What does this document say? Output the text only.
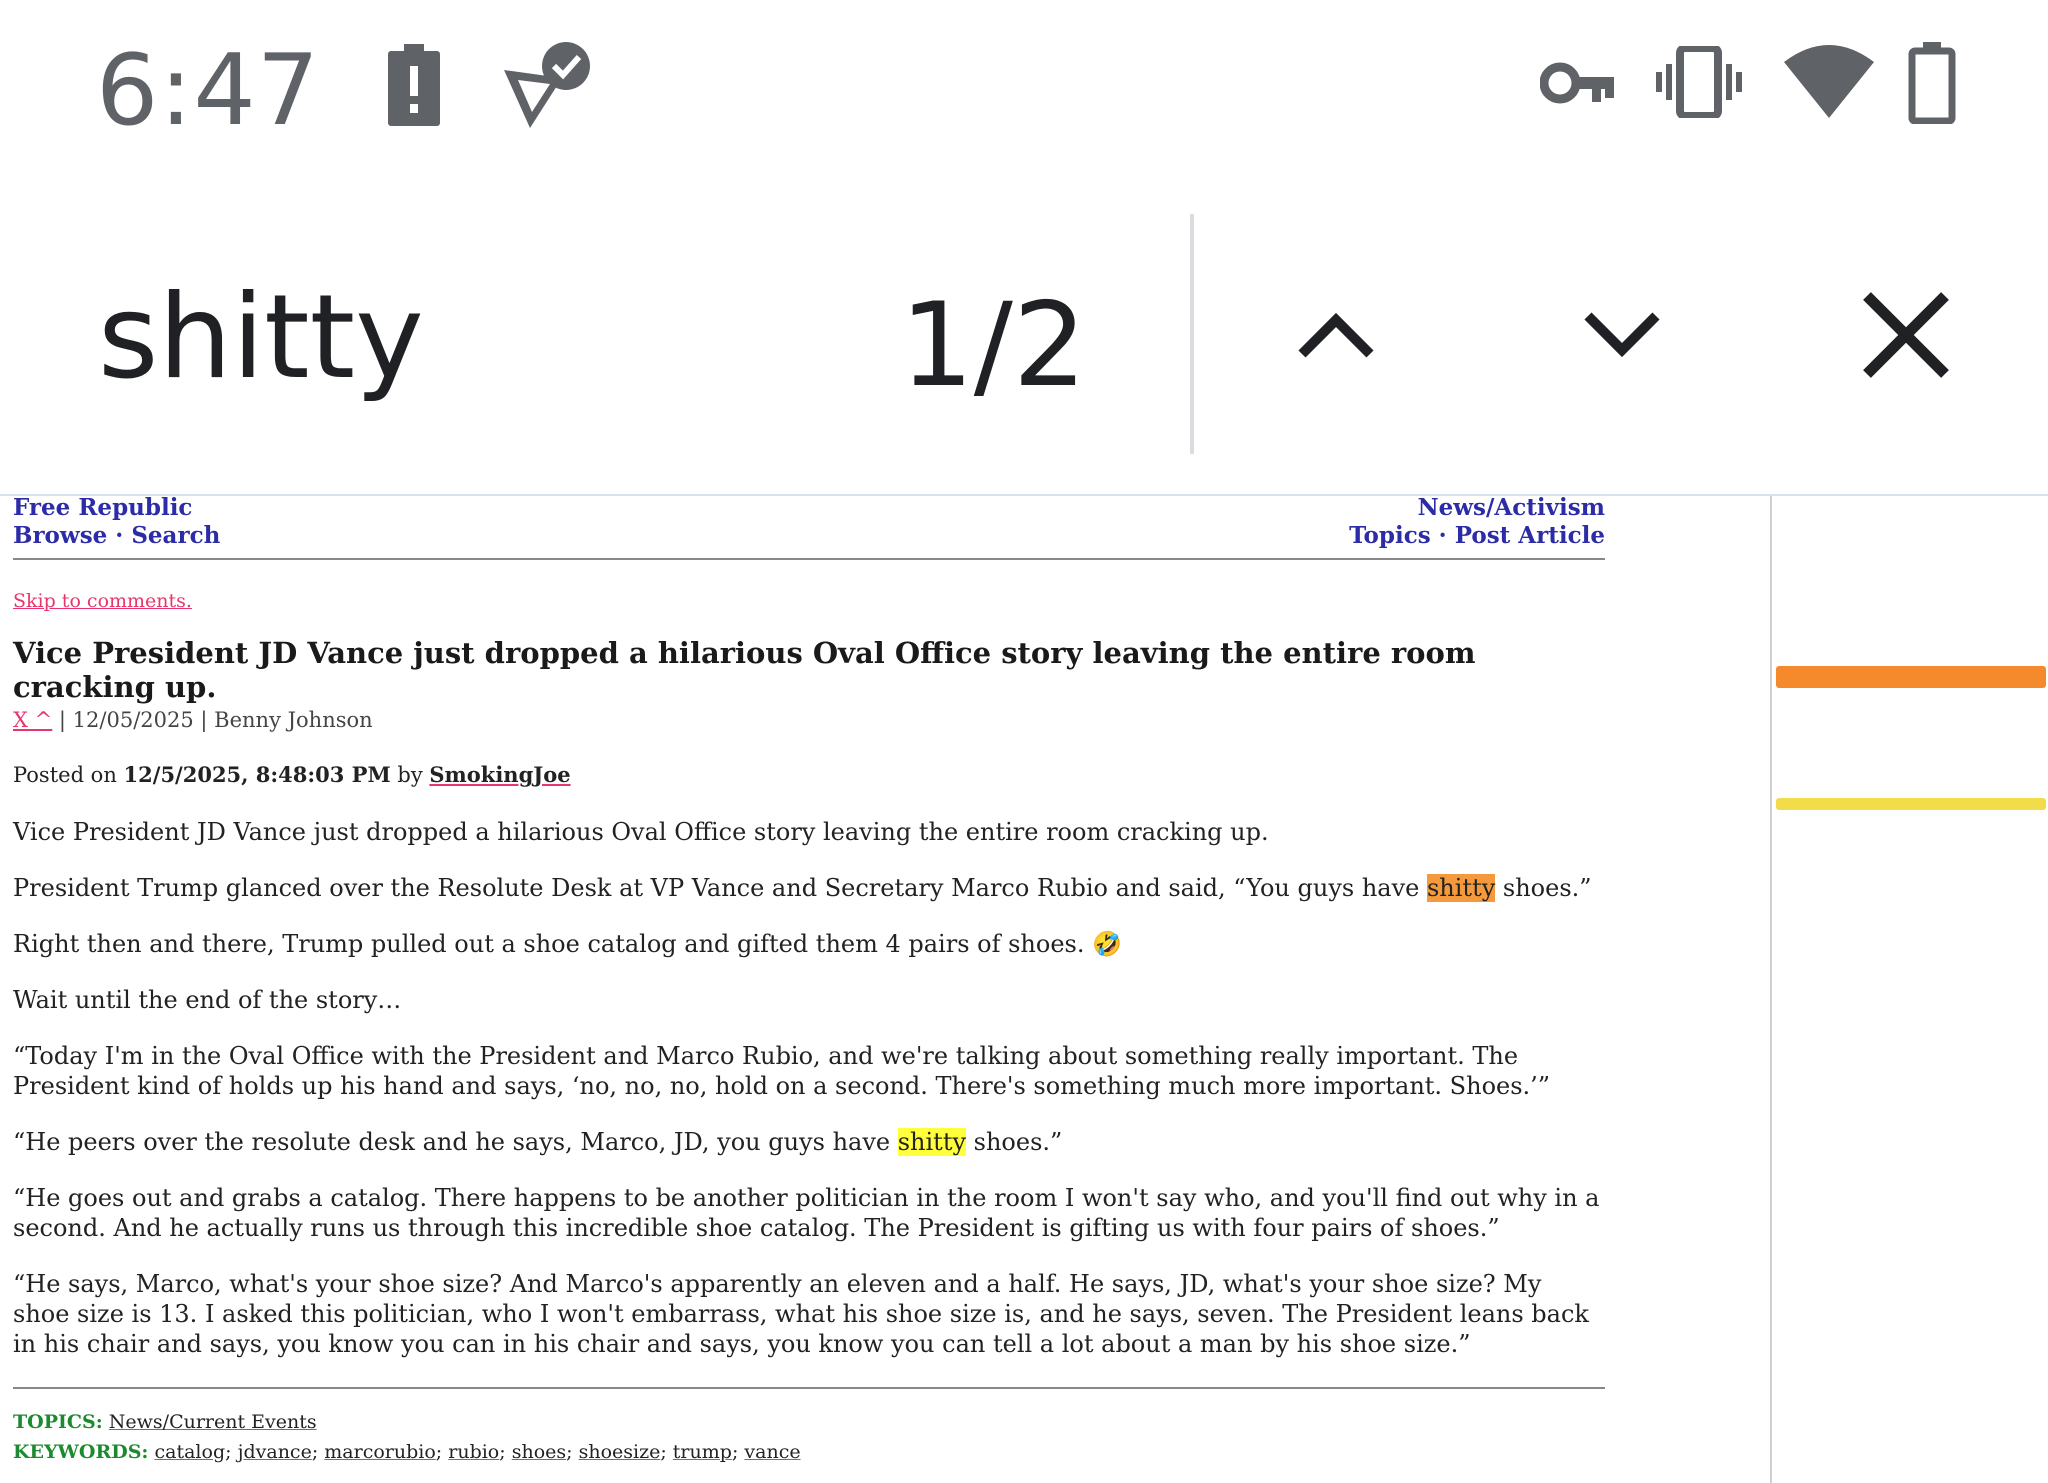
6:47
shitty	1/2
Free Republic
Browse · Search
News/Activism
Topics · Post Article
Skip to comments.
Vice President JD Vance just dropped a hilarious Oval Office story leaving the entire room cracking up.
X ^ | 12/05/2025 | Benny Johnson
Posted on 12/5/2025, 8:48:03 PM by SmokingJoe

Vice President JD Vance just dropped a hilarious Oval Office story leaving the entire room cracking up.

President Trump glanced over the Resolute Desk at VP Vance and Secretary Marco Rubio and said, “You guys have shitty shoes.”

Right then and there, Trump pulled out a shoe catalog and gifted them 4 pairs of shoes. 🤣

Wait until the end of the story…

“Today I'm in the Oval Office with the President and Marco Rubio, and we're talking about something really important. The President kind of holds up his hand and says, ‘no, no, no, hold on a second. There's something much more important. Shoes.’”

“He peers over the resolute desk and he says, Marco, JD, you guys have shitty shoes.”

“He goes out and grabs a catalog. There happens to be another politician in the room I won't say who, and you'll find out why in a second. And he actually runs us through this incredible shoe catalog. The President is gifting us with four pairs of shoes.”

“He says, Marco, what's your shoe size? And Marco's apparently an eleven and a half. He says, JD, what's your shoe size? My shoe size is 13. I asked this politician, who I won't embarrass, what his shoe size is, and he says, seven. The President leans back in his chair and says, you know you can in his chair and says, you know you can tell a lot about a man by his shoe size.”

TOPICS: News/Current Events
KEYWORDS: catalog; jdvance; marcorubio; rubio; shoes; shoesize; trump; vance
